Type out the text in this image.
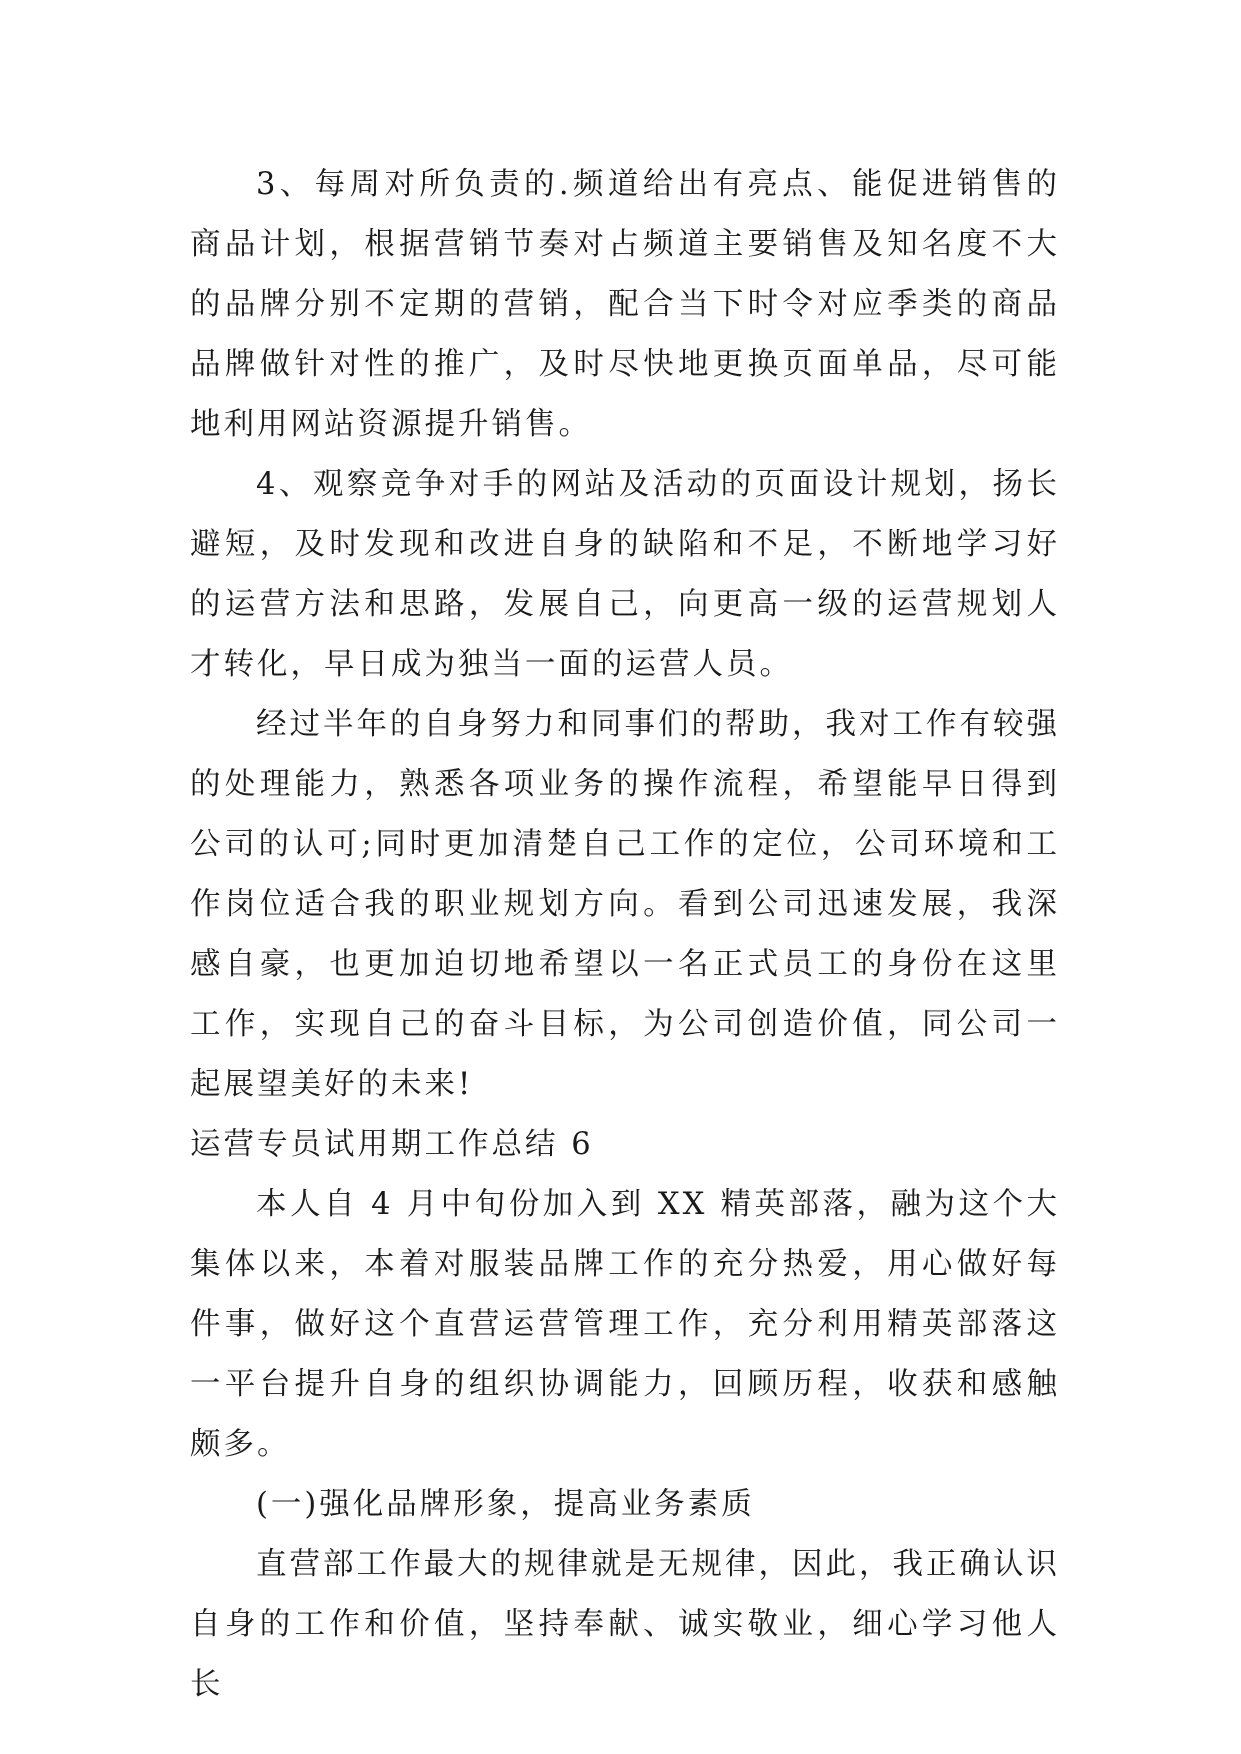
3、每周对所负责的.频道给出有亮点、能促进销售的商品计划，根据营销节奏对占频道主要销售及知名度不大的品牌分别不定期的营销，配合当下时令对应季类的商品品牌做针对性的推广，及时尽快地更换页面单品，尽可能地利用网站资源提升销售。

4、观察竞争对手的网站及活动的页面设计规划，扬长避短，及时发现和改进自身的缺陷和不足，不断地学习好的运营方法和思路，发展自己，向更高一级的运营规划人才转化，早日成为独当一面的运营人员。

经过半年的自身努力和同事们的帮助，我对工作有较强的处理能力，熟悉各项业务的操作流程，希望能早日得到公司的认可;同时更加清楚自己工作的定位，公司环境和工作岗位适合我的职业规划方向。看到公司迅速发展，我深感自豪，也更加迫切地希望以一名正式员工的身份在这里工作，实现自己的奋斗目标，为公司创造价值，同公司一起展望美好的未来!

运营专员试用期工作总结 6

本人自 4 月中旬份加入到 XX 精英部落，融为这个大集体以来，本着对服装品牌工作的充分热爱，用心做好每件事，做好这个直营运营管理工作，充分利用精英部落这一平台提升自身的组织协调能力，回顾历程，收获和感触颇多。

(一)强化品牌形象，提高业务素质

直营部工作最大的规律就是无规律，因此，我正确认识自身的工作和价值，坚持奉献、诚实敬业，细心学习他人长
